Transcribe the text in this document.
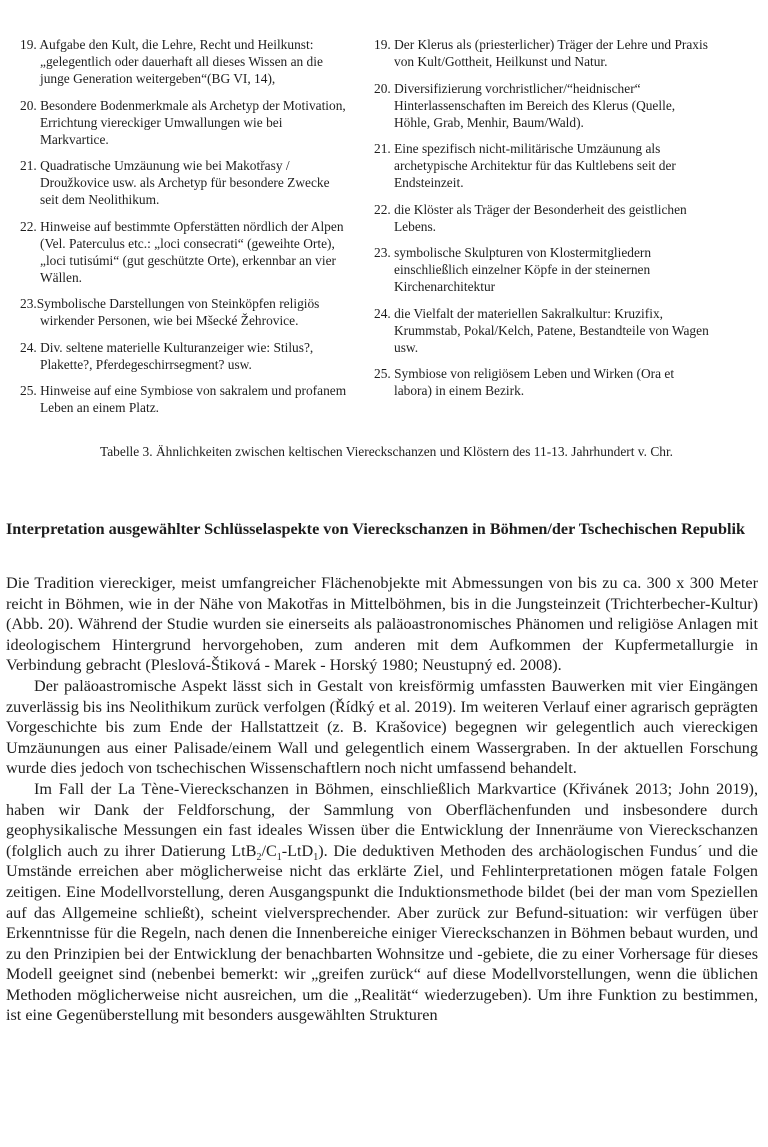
19. Aufgabe den Kult, die Lehre, Recht und Heilkunst: „gelegentlich oder dauerhaft all dieses Wissen an die junge Generation weitergeben“(BG VI, 14),
20. Besondere Bodenmerkmale als Archetyp der Motivation, Errichtung viereckiger Umwallungen wie bei Markvartice.
21. Quadratische Umzäunung wie bei Makotřasy / Droužkovice usw. als Archetyp für besondere Zwecke seit dem Neolithikum.
22. Hinweise auf bestimmte Opferstätten nördlich der Alpen (Vel. Paterculus etc.: „loci consecrati“ (geweihte Orte), „loci tutisúmi“ (gut geschützte Orte), erkennbar an vier Wällen.
23.Symbolische Darstellungen von Steinköpfen religiös wirkender Personen, wie bei Mšecké Žehrovice.
24. Div. seltene materielle Kulturanzeiger wie: Stilus?, Plakette?, Pferdegeschirrsegment? usw.
25. Hinweise auf eine Symbiose von sakralem und profanem Leben an einem Platz.
19. Der Klerus als (priesterlicher) Träger der Lehre und Praxis von Kult/Gottheit, Heilkunst und Natur.
20. Diversifizierung vorchristlicher/“heidnischer“ Hinterlassenschaften im Bereich des Klerus (Quelle, Höhle, Grab, Menhir, Baum/Wald).
21. Eine spezifisch nicht-militärische Umzäunung als archetypische Architektur für das Kultlebens seit der Endsteinzeit.
22. die Klöster als Träger der Besonderheit des geistlichen Lebens.
23. symbolische Skulpturen von Klostermitgliedern einschließlich einzelner Köpfe in der steinernen Kirchenarchitektur
24. die Vielfalt der materiellen Sakralkultur: Kruzifix, Krummstab, Pokal/Kelch, Patene, Bestandteile von Wagen usw.
25. Symbiose von religiösem Leben und Wirken (Ora et labora) in einem Bezirk.
Tabelle 3. Ähnlichkeiten zwischen keltischen Viereckschanzen und Klöstern des 11-13. Jahrhundert v. Chr.
Interpretation ausgewählter Schlüsselaspekte von Viereckschanzen in Böhmen/der Tschechischen Republik

Die Tradition viereckiger, meist umfangreicher Flächenobjekte mit Abmessungen von bis zu ca. 300 x 300 Meter reicht in Böhmen, wie in der Nähe von Makotřas in Mittelböhmen, bis in die Jungsteinzeit (Trichterbecher-Kultur) (Abb. 20). Während der Studie wurden sie einerseits als paläoastronomisches Phänomen und religiöse Anlagen mit ideologischem Hintergrund hervorgehoben, zum anderen mit dem Aufkommen der Kupfermetallurgie in Verbindung gebracht (Pleslová-Štiková - Marek - Horský 1980; Neustupný ed. 2008).

Der paläoastromische Aspekt lässt sich in Gestalt von kreisförmig umfassten Bauwerken mit vier Eingängen zuverlässig bis ins Neolithikum zurück verfolgen (Řídký et al. 2019). Im weiteren Verlauf einer agrarisch geprägten Vorgeschichte bis zum Ende der Hallstattzeit (z. B. Krašovice) begegnen wir gelegentlich auch viereckigen Umzäunungen aus einer Palisade/einem Wall und gelegentlich einem Wassergraben. In der aktuellen Forschung wurde dies jedoch von tschechischen Wissenschaftlern noch nicht umfassend behandelt.

Im Fall der La Tène-Viereckschanzen in Böhmen, einschließlich Markvartice (Křivánek 2013; John 2019), haben wir Dank der Feldforschung, der Sammlung von Oberflächenfunden und insbesondere durch geophysikalische Messungen ein fast ideales Wissen über die Entwicklung der Innenräume von Viereckschanzen (folglich auch zu ihrer Datierung $LtB_2/C_1-LtD_1$). Die deduktiven Methoden des archäologischen Fundus´ und die Umstände erreichen aber möglicherweise nicht das erklärte Ziel, und Fehlinterpretationen mögen fatale Folgen zeitigen. Eine Modellvorstellung, deren Ausgangspunkt die Induktionsmethode bildet (bei der man vom Speziellen auf das Allgemeine schließt), scheint vielversprechender. Aber zurück zur Befund-situation: wir verfügen über Erkenntnisse für die Regeln, nach denen die Innenbereiche einiger Viereckschanzen in Böhmen bebaut wurden, und zu den Prinzipien bei der Entwicklung der benachbarten Wohnsitze und -gebiete, die zu einer Vorhersage für dieses Modell geeignet sind (nebenbei bemerkt: wir „greifen zurück“ auf diese Modellvorstellungen, wenn die üblichen Methoden möglicherweise nicht ausreichen, um die „Realität“ wiederzugeben). Um ihre Funktion zu bestimmen, ist eine Gegenüberstellung mit besonders ausgewählten Strukturen
